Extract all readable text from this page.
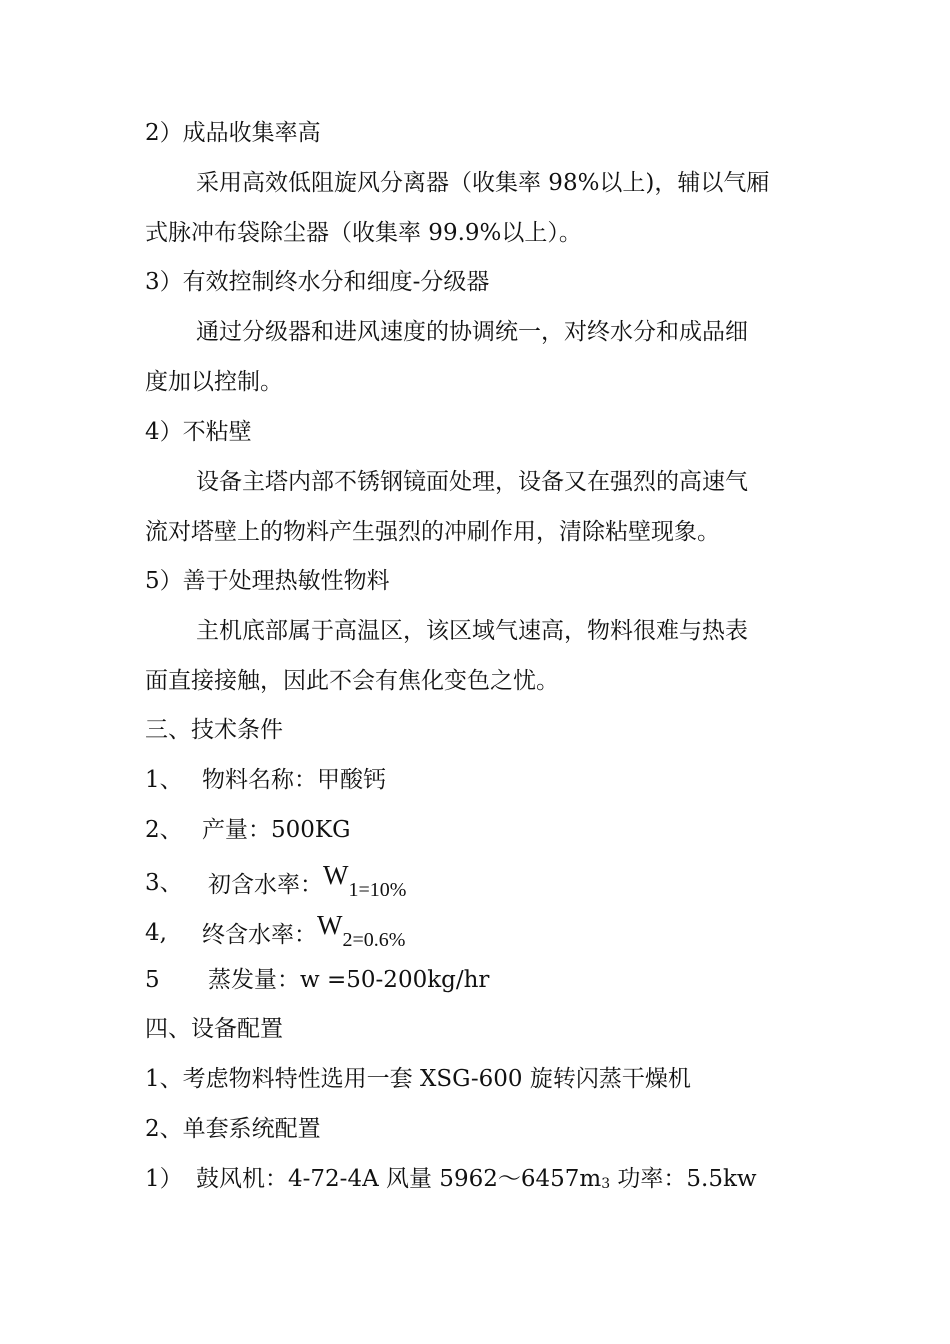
2）成品收集率高
采用高效低阻旋风分离器（收集率 98%以上)，辅以气厢
式脉冲布袋除尘器（收集率 99.9%以上）。
3）有效控制终水分和细度-分级器
通过分级器和进风速度的协调统一，对终水分和成品细
度加以控制。
4）不粘壁
设备主塔内部不锈钢镜面处理，设备又在强烈的高速气
流对塔壁上的物料产生强烈的冲刷作用，清除粘壁现象。
5）善于处理热敏性物料
主机底部属于高温区，该区域气速高，物料很难与热表
面直接接触，因此不会有焦化变色之忧。
三、技术条件
1、 物料名称：甲酸钙
2、 产量：500KG
3、 初含水率：W1=10%
4, 终含水率：W2=0.6%
5 蒸发量：w =50-200kg/hr
四、设备配置
1、考虑物料特性选用一套 XSG-600 旋转闪蒸干燥机
2、单套系统配置
1） 鼓风机：4-72-4A 风量 5962～6457m3 功率：5.5kw
